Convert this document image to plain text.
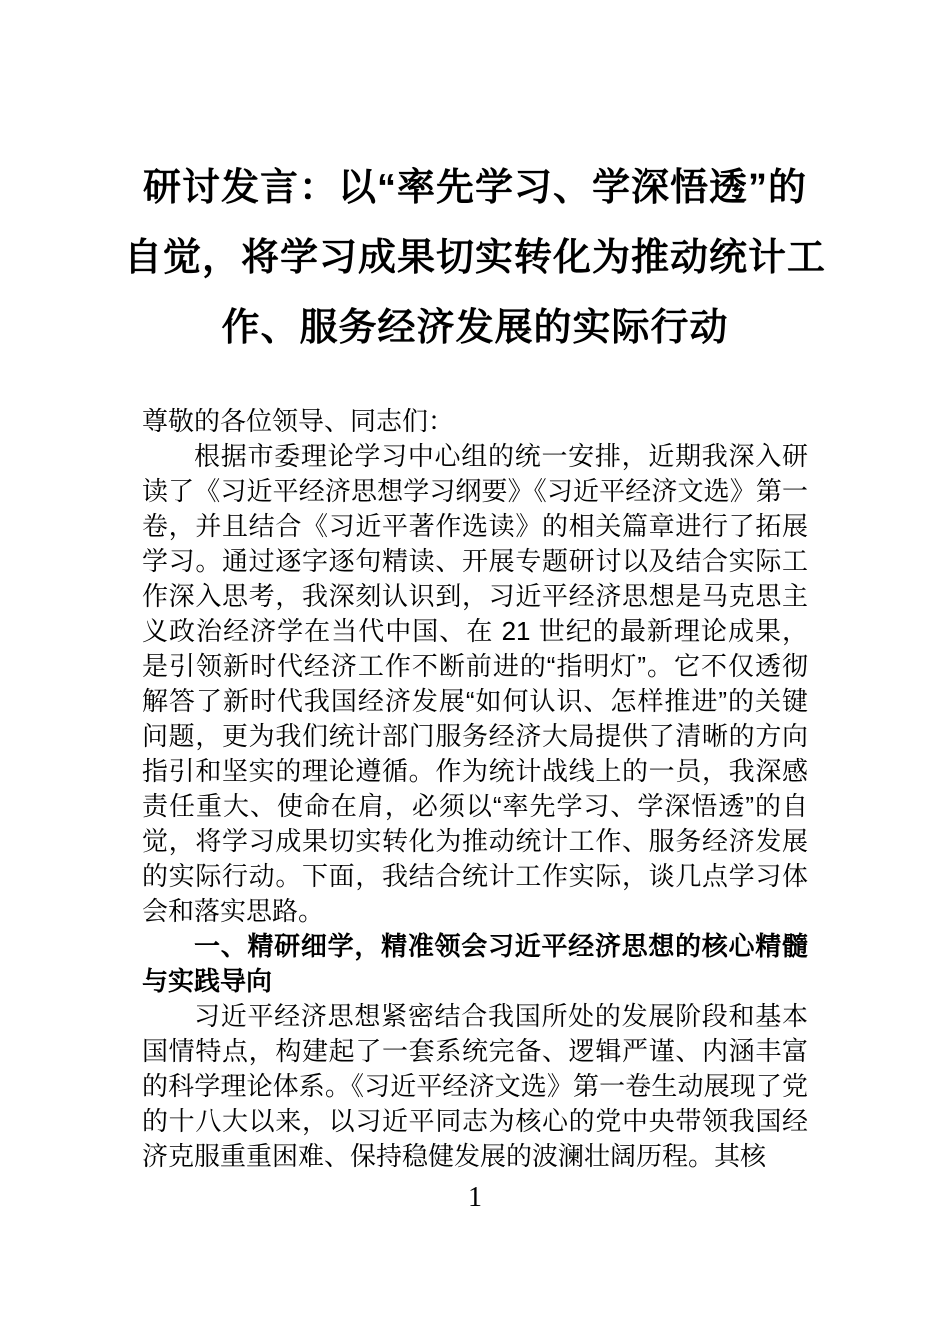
研讨发言：以“率先学习、学深悟透”的
自觉，将学习成果切实转化为推动统计工
作、服务经济发展的实际行动

尊敬的各位领导、同志们：

根据市委理论学习中心组的统一安排，近期我深入研读了《习近平经济思想学习纲要》《习近平经济文选》第一卷，并且结合《习近平著作选读》的相关篇章进行了拓展学习。通过逐字逐句精读、开展专题研讨以及结合实际工作深入思考，我深刻认识到，习近平经济思想是马克思主义政治经济学在当代中国、在 21 世纪的最新理论成果，是引领新时代经济工作不断前进的“指明灯”。它不仅透彻解答了新时代我国经济发展“如何认识、怎样推进”的关键问题，更为我们统计部门服务经济大局提供了清晰的方向指引和坚实的理论遵循。作为统计战线上的一员，我深感责任重大、使命在肩，必须以“率先学习、学深悟透”的自觉，将学习成果切实转化为推动统计工作、服务经济发展的实际行动。下面，我结合统计工作实际，谈几点学习体会和落实思路。

一、精研细学，精准领会习近平经济思想的核心精髓与实践导向

习近平经济思想紧密结合我国所处的发展阶段和基本国情特点，构建起了一套系统完备、逻辑严谨、内涵丰富的科学理论体系。《习近平经济文选》第一卷生动展现了党的十八大以来，以习近平同志为核心的党中央带领我国经济克服重重困难、保持稳健发展的波澜壮阔历程。其核

1
